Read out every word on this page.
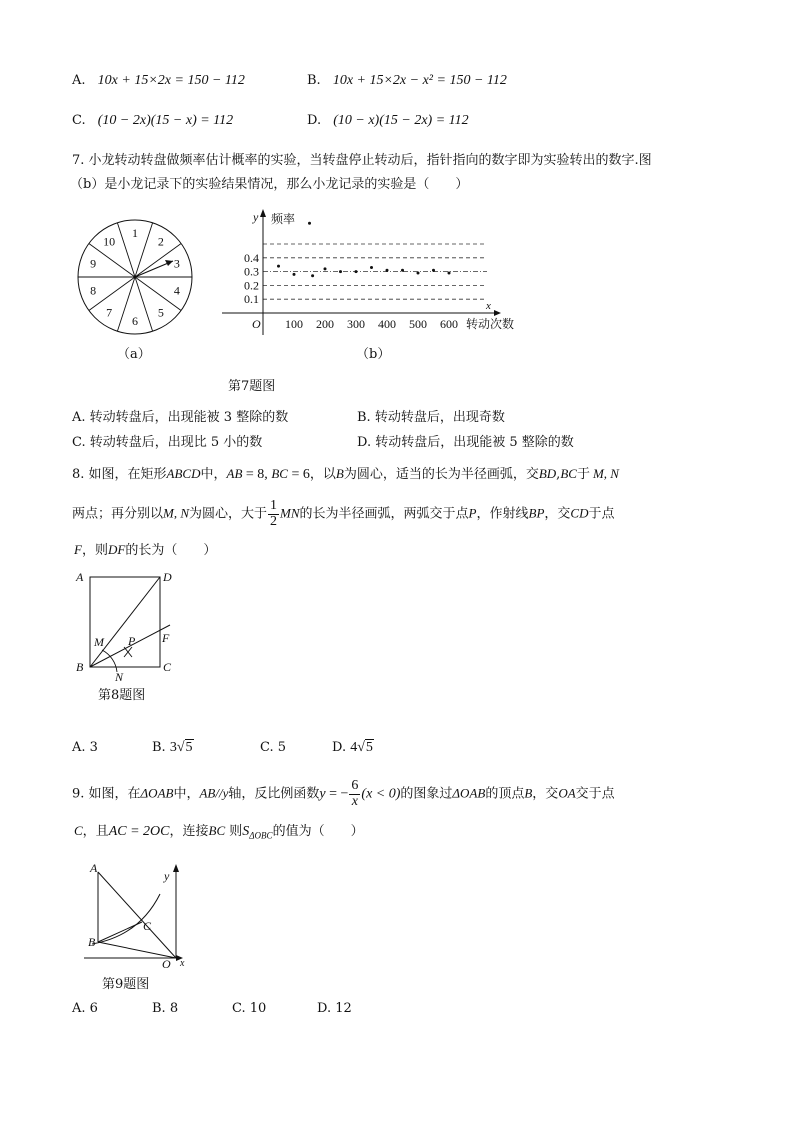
A. 10x + 15×2x = 150 − 112	B. 10x + 15×2x − x² = 150 − 112
C. (10 − 2x)(15 − x) = 112	D. (10 − x)(15 − 2x) = 112
7. 小龙转动转盘做频率估计概率的实验，当转盘停止转动后，指针指向的数字即为实验转出的数字.图
（b）是小龙记录下的实验结果情况，那么小龙记录的实验是（　　）
1
2
3
4
5
6
7
8
9
10
（a）
y 频率
x
O	转动次数
0.1
0.2
0.3
0.4
100 200 300 400 500 600
（b）
第7题图
A. 转动转盘后，出现能被 3 整除的数	B. 转动转盘后，出现奇数
C. 转动转盘后，出现比 5 小的数	D. 转动转盘后，出现能被 5 整除的数
8. 如图，在矩形ABCD中，AB = 8, BC = 6，以B为圆心，适当的长为半径画弧，交BD,BC于 M, N
两点；再分别以M, N为圆心，大于 $\frac{1}{2}$ MN的长为半径画弧，两弧交于点P，作射线BP，交CD于点
F，则DF的长为（　　）
A	D
B	C
M
N
P F
第8题图
A. 3	B. 3√5	C. 5	D. 4√5
9. 如图，在ΔOAB中，AB//y轴，反比例函数y = − $\frac{6}{x} (x < 0)$的图象过ΔOAB的顶点B，交OA交于点
C，且AC = 2OC，连接BC 则$S_{\Delta OBC}$的值为（　　）
A
B
C
O x
y
第9题图
A. 6	B. 8	C. 10	D. 12
